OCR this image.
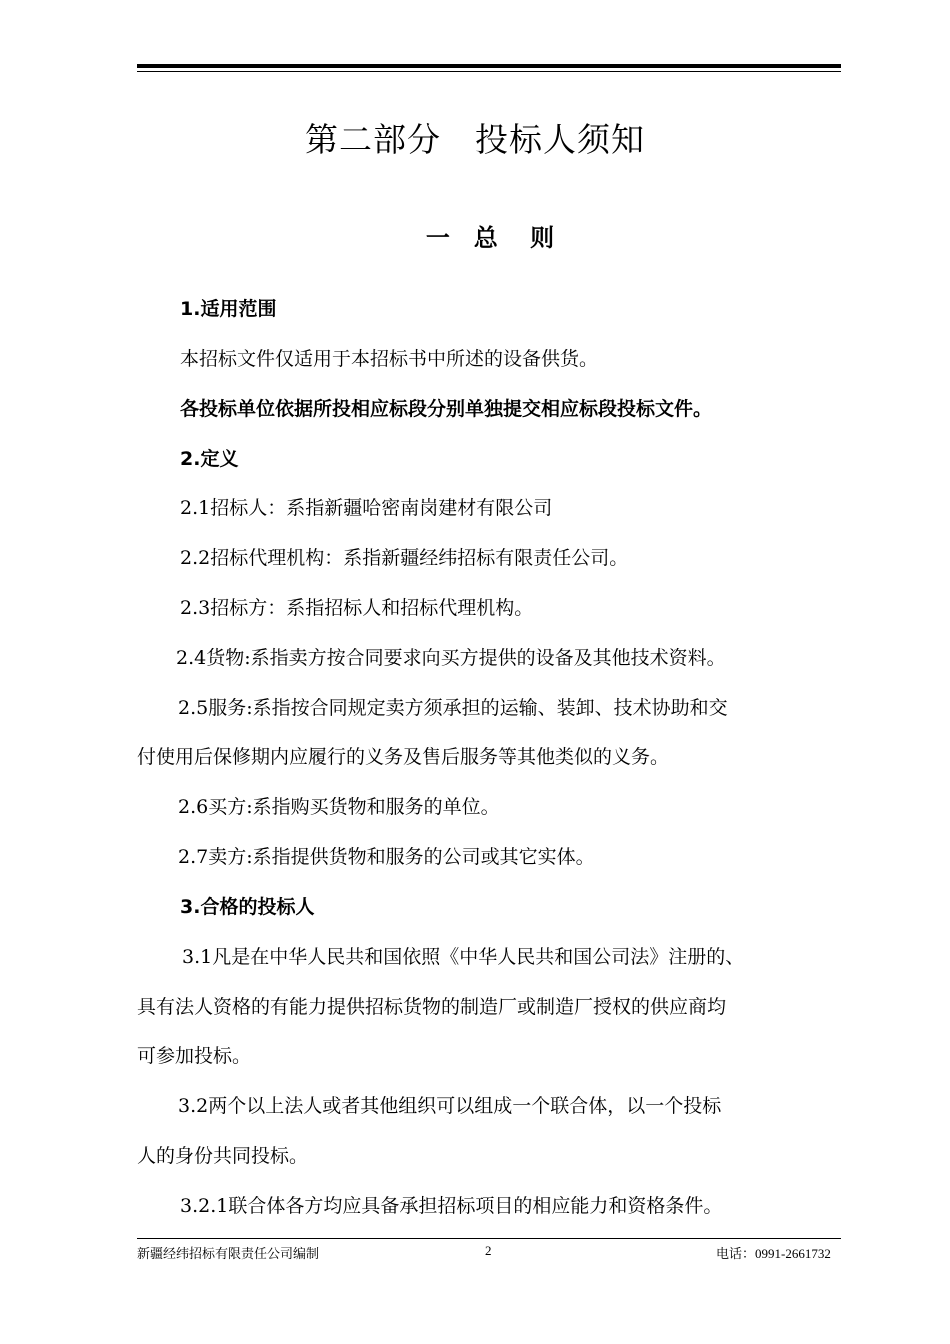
第二部分　投标人须知
一　总　 则
1.适用范围
本招标文件仅适用于本招标书中所述的设备供货。
各投标单位依据所投相应标段分别单独提交相应标段投标文件。
2.定义
2.1招标人：系指新疆哈密南岗建材有限公司
2.2招标代理机构：系指新疆经纬招标有限责任公司。
2.3招标方：系指招标人和招标代理机构。
2.4货物:系指卖方按合同要求向买方提供的设备及其他技术资料。
2.5服务:系指按合同规定卖方须承担的运输、装卸、技术协助和交
付使用后保修期内应履行的义务及售后服务等其他类似的义务。
2.6买方:系指购买货物和服务的单位。
2.7卖方:系指提供货物和服务的公司或其它实体。
3.合格的投标人
3.1凡是在中华人民共和国依照《中华人民共和国公司法》注册的、
具有法人资格的有能力提供招标货物的制造厂或制造厂授权的供应商均
可参加投标。
3.2两个以上法人或者其他组织可以组成一个联合体，以一个投标
人的身份共同投标。
3.2.1联合体各方均应具备承担招标项目的相应能力和资格条件。
新疆经纬招标有限责任公司编制	2	电话：0991-2661732
